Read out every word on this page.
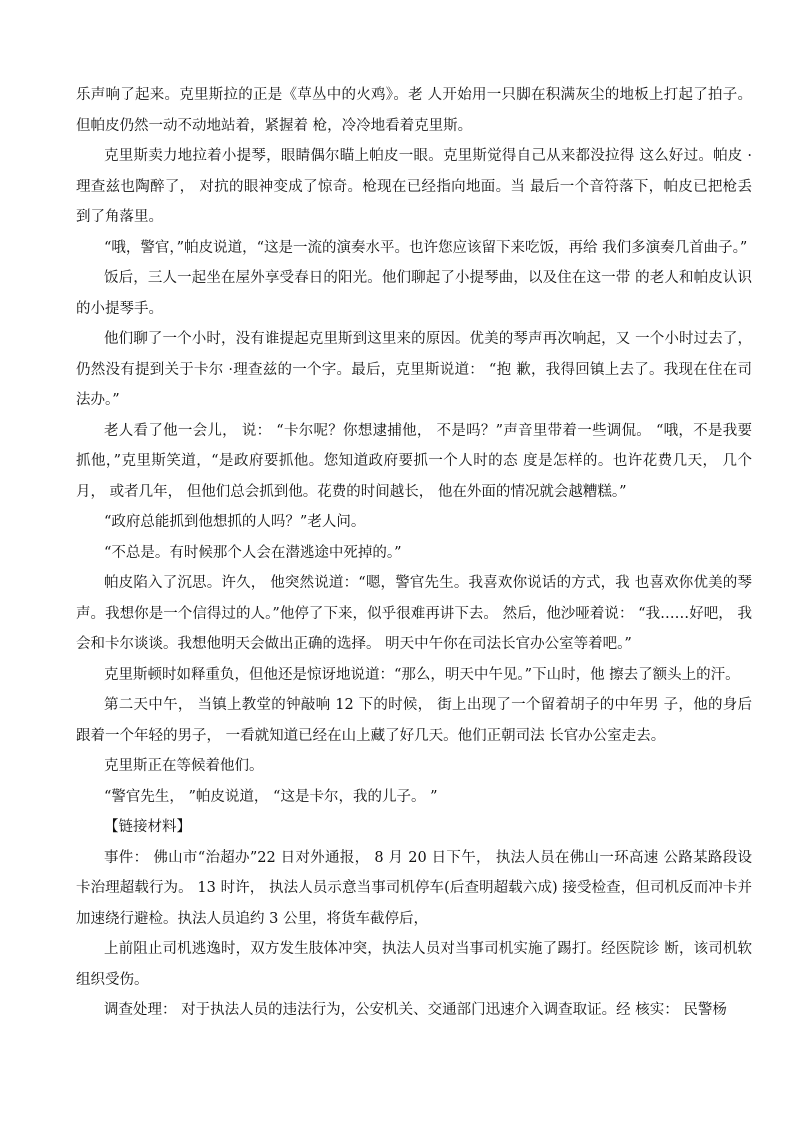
乐声响了起来。克里斯拉的正是《草丛中的火鸡》。老 人开始用一只脚在积满灰尘的地板上打起了拍子。但帕皮仍然一动不动地站着，紧握着 枪，冷冷地看着克里斯。

克里斯卖力地拉着小提琴，眼睛偶尔瞄上帕皮一眼。克里斯觉得自己从来都没拉得 这么好过。帕皮 ·理查兹也陶醉了， 对抗的眼神变成了惊奇。枪现在已经指向地面。当 最后一个音符落下，帕皮已把枪丢到了角落里。

“哦，警官，”帕皮说道，“这是一流的演奏水平。也许您应该留下来吃饭，再给 我们多演奏几首曲子。”

饭后，三人一起坐在屋外享受春日的阳光。他们聊起了小提琴曲，以及住在这一带 的老人和帕皮认识的小提琴手。

他们聊了一个小时，没有谁提起克里斯到这里来的原因。优美的琴声再次响起，又 一个小时过去了，仍然没有提到关于卡尔 ·理查兹的一个字。最后，克里斯说道： “抱 歉，我得回镇上去了。我现在住在司法办。”

老人看了他一会儿， 说： “卡尔呢？你想逮捕他， 不是吗？”声音里带着一些调侃。 “哦，不是我要抓他，”克里斯笑道，“是政府要抓他。您知道政府要抓一个人时的态 度是怎样的。也许花费几天， 几个月， 或者几年， 但他们总会抓到他。花费的时间越长， 他在外面的情况就会越糟糕。”

“政府总能抓到他想抓的人吗？”老人问。

“不总是。有时候那个人会在潜逃途中死掉的。”

帕皮陷入了沉思。许久， 他突然说道：“嗯，警官先生。我喜欢你说话的方式，我 也喜欢你优美的琴声。我想你是一个信得过的人。”他停了下来，似乎很难再讲下去。 然后，他沙哑着说： “我……好吧， 我会和卡尔谈谈。我想他明天会做出正确的选择。 明天中午你在司法长官办公室等着吧。”

克里斯顿时如释重负，但他还是惊讶地说道：“那么，明天中午见。”下山时，他 擦去了额头上的汗。

第二天中午， 当镇上教堂的钟敲响 12 下的时候， 街上出现了一个留着胡子的中年男 子，他的身后跟着一个年轻的男子， 一看就知道已经在山上藏了好几天。他们正朝司法 长官办公室走去。

克里斯正在等候着他们。

“警官先生， ”帕皮说道， “这是卡尔，我的儿子。 ”

【链接材料】

事件： 佛山市“治超办”22 日对外通报， 8 月 20 日下午， 执法人员在佛山一环高速 公路某路段设卡治理超载行为。 13 时许， 执法人员示意当事司机停车(后查明超载六成) 接受检查，但司机反而冲卡并加速绕行避检。执法人员追约 3 公里，将货车截停后，

上前阻止司机逃逸时，双方发生肢体冲突，执法人员对当事司机实施了踢打。经医院诊 断，该司机软组织受伤。

调查处理： 对于执法人员的违法行为，公安机关、交通部门迅速介入调查取证。经 核实： 民警杨
